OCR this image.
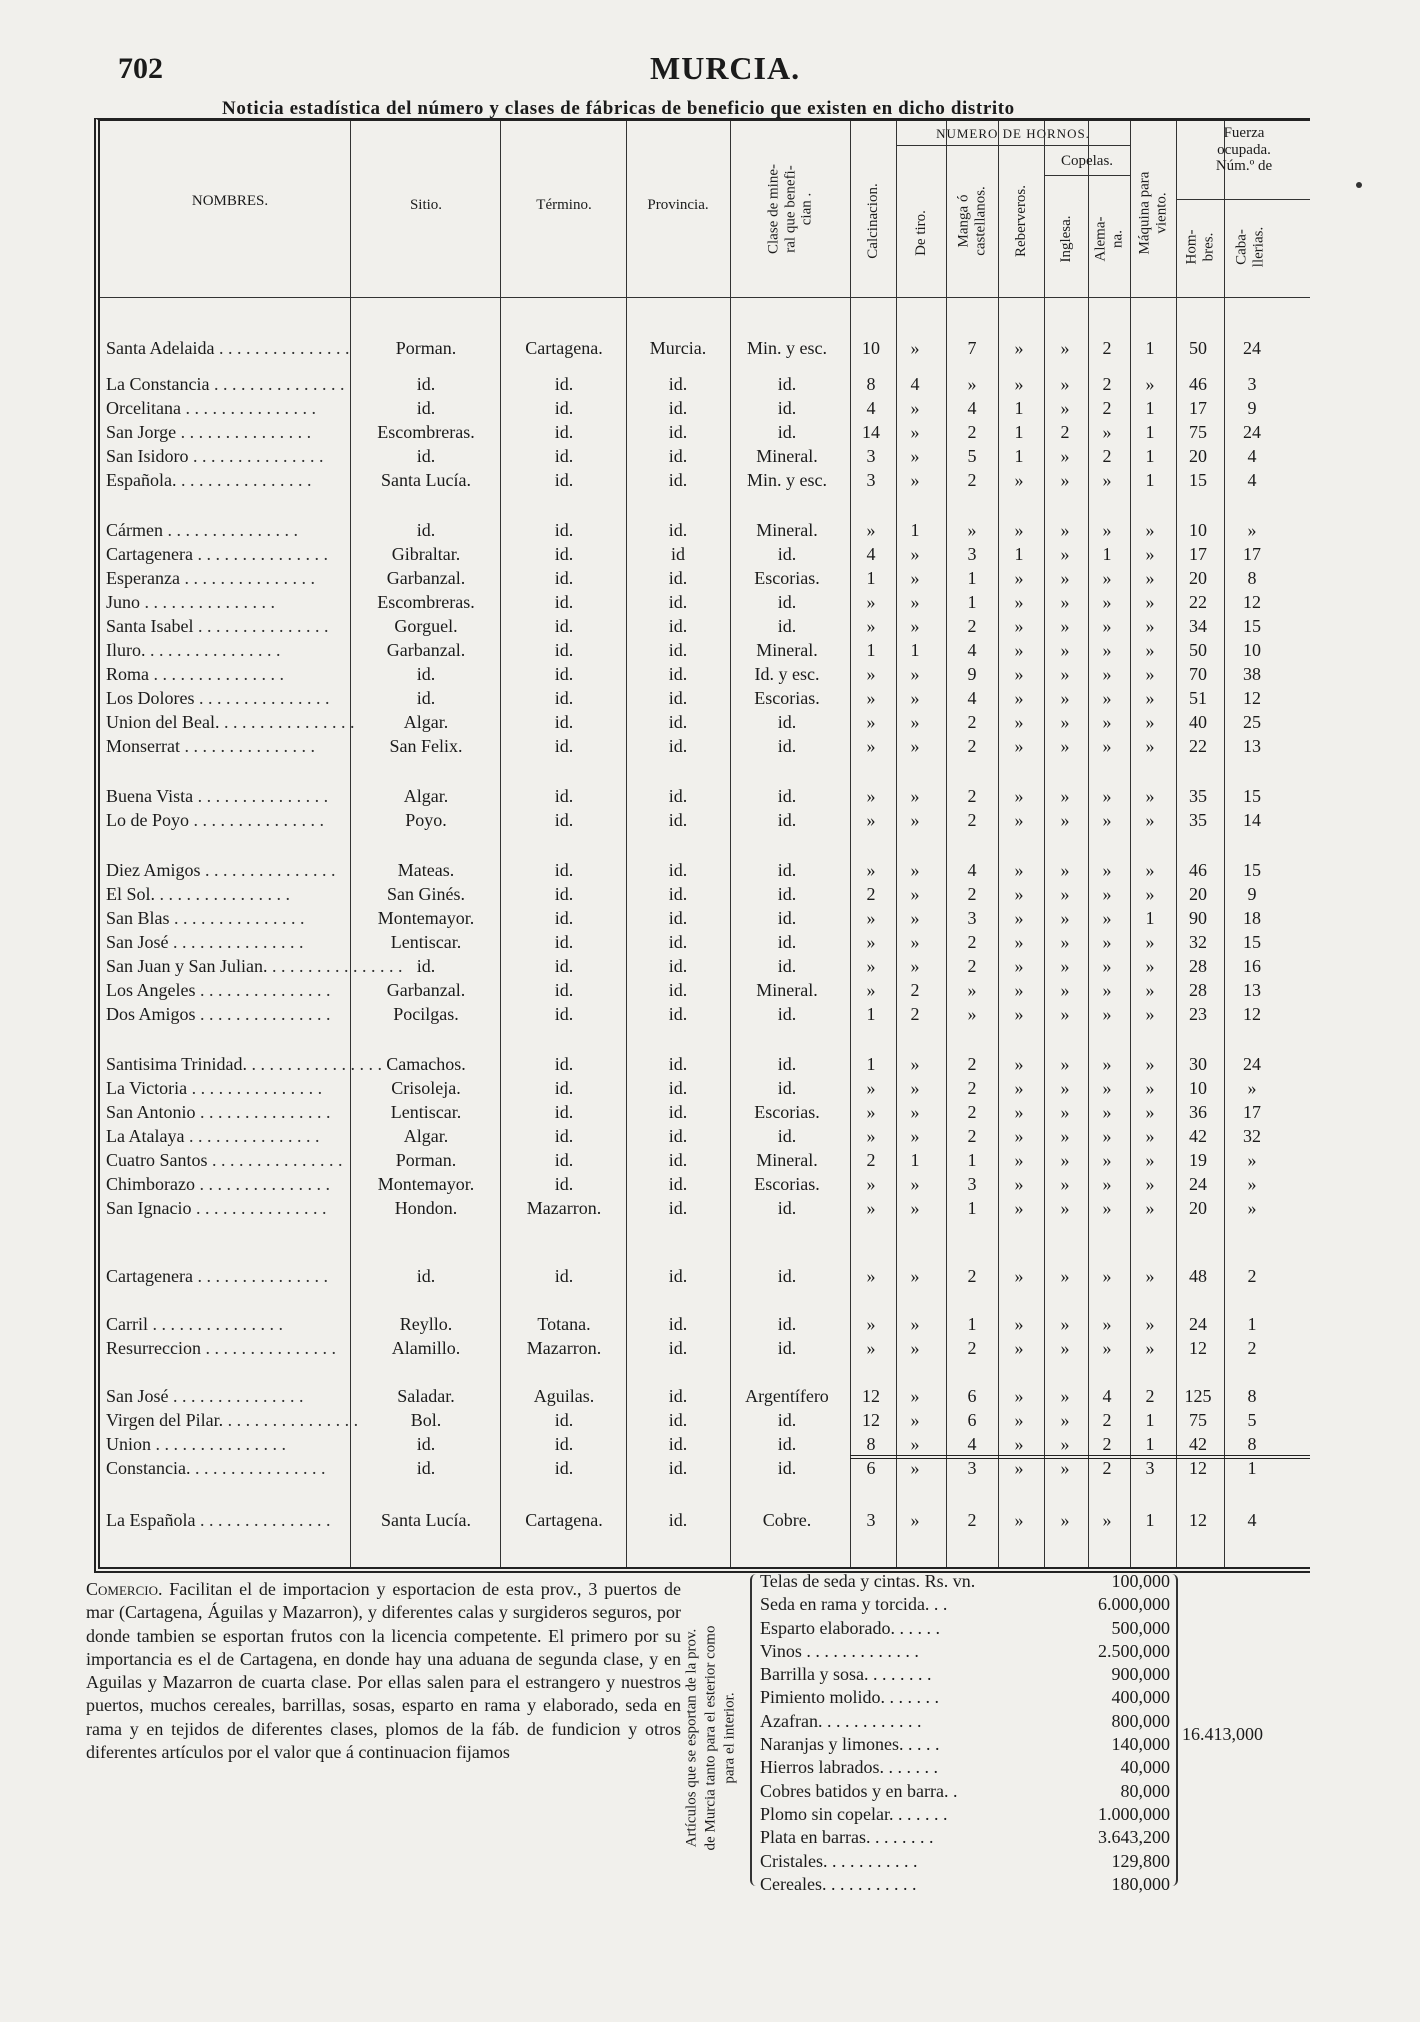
702	MURCIA.
Noticia estadística del número y clases de fábricas de beneficio que existen en dicho distrito
NOMBRES.	Sitio.	Término.	Provincia.
Clase de mine-
ral que benefi-
cian .	Calcinacion.
NUMERO DE HORNOS.
De tiro. Manga ó
castellanos. Reberveros.
Copelas.
Inglesa. Alema-
na. Máquina para
viento.
Fuerza
ocupada.
Núm.º de
Hom-
bres. Caba-
llerias.
Santa Adelaida . . . . . . . . . . . . . . .	Porman.	Cartagena.	Murcia.	Min. y esc.	10	»	7	»	»	2	1	50	24
La Constancia . . . . . . . . . . . . . . .	id.	id.	id.	id.	8	4	»	»	»	2	»	46	3
Orcelitana . . . . . . . . . . . . . . .	id.	id.	id.	id.	4	»	4	1	»	2	1	17	9
San Jorge . . . . . . . . . . . . . . .	Escombreras.	id.	id.	id.	14	»	2	1	2	»	1	75	24
San Isidoro . . . . . . . . . . . . . . .	id.	id.	id.	Mineral.	3	»	5	1	»	2	1	20	4
Española. . . . . . . . . . . . . . . .	Santa Lucía.	id.	id.	Min. y esc.	3	»	2	»	»	»	1	15	4
Cármen . . . . . . . . . . . . . . .	id.	id.	id.	Mineral.	»	1	»	»	»	»	»	10	»
Cartagenera . . . . . . . . . . . . . . .	Gibraltar.	id.	id	id.	4	»	3	1	»	1	»	17	17
Esperanza . . . . . . . . . . . . . . .	Garbanzal.	id.	id.	Escorias.	1	»	1	»	»	»	»	20	8
Juno . . . . . . . . . . . . . . .	Escombreras.	id.	id.	id.	»	»	1	»	»	»	»	22	12
Santa Isabel . . . . . . . . . . . . . . .	Gorguel.	id.	id.	id.	»	»	2	»	»	»	»	34	15
Iluro. . . . . . . . . . . . . . . .	Garbanzal.	id.	id.	Mineral.	1	1	4	»	»	»	»	50	10
Roma . . . . . . . . . . . . . . .	id.	id.	id.	Id. y esc.	»	»	9	»	»	»	»	70	38
Los Dolores . . . . . . . . . . . . . . .	id.	id.	id.	Escorias.	»	»	4	»	»	»	»	51	12
Union del Beal. . . . . . . . . . . . . . . .	Algar.	id.	id.	id.	»	»	2	»	»	»	»	40	25
Monserrat . . . . . . . . . . . . . . .	San Felix.	id.	id.	id.	»	»	2	»	»	»	»	22	13
Buena Vista . . . . . . . . . . . . . . .	Algar.	id.	id.	id.	»	»	2	»	»	»	»	35	15
Lo de Poyo . . . . . . . . . . . . . . .	Poyo.	id.	id.	id.	»	»	2	»	»	»	»	35	14
Diez Amigos . . . . . . . . . . . . . . .	Mateas.	id.	id.	id.	»	»	4	»	»	»	»	46	15
El Sol. . . . . . . . . . . . . . . .	San Ginés.	id.	id.	id.	2	»	2	»	»	»	»	20	9
San Blas . . . . . . . . . . . . . . .	Montemayor.	id.	id.	id.	»	»	3	»	»	»	1	90	18
San José . . . . . . . . . . . . . . .	Lentiscar.	id.	id.	id.	»	»	2	»	»	»	»	32	15
San Juan y San Julian. . . . . . . . . . . . . . . . id.	id.	id.	id.	»	»	2	»	»	»	»	28	16
Los Angeles . . . . . . . . . . . . . . .	Garbanzal.	id.	id.	Mineral.	»	2	»	»	»	»	»	28	13
Dos Amigos . . . . . . . . . . . . . . .	Pocilgas.	id.	id.	id.	1	2	»	»	»	»	»	23	12
Santisima Trinidad. . . . . . . . . . . . . . . . Camachos.	id.	id.	id.	1	»	2	»	»	»	»	30	24
La Victoria . . . . . . . . . . . . . . .	Crisoleja.	id.	id.	id.	»	»	2	»	»	»	»	10	»
San Antonio . . . . . . . . . . . . . . .	Lentiscar.	id.	id.	Escorias.	»	»	2	»	»	»	»	36	17
La Atalaya . . . . . . . . . . . . . . .	Algar.	id.	id.	id.	»	»	2	»	»	»	»	42	32
Cuatro Santos . . . . . . . . . . . . . . .	Porman.	id.	id.	Mineral.	2	1	1	»	»	»	»	19	»
Chimborazo . . . . . . . . . . . . . . .	Montemayor.	id.	id.	Escorias.	»	»	3	»	»	»	»	24	»
San Ignacio . . . . . . . . . . . . . . .	Hondon.	Mazarron.	id.	id.	»	»	1	»	»	»	»	20	»
Cartagenera . . . . . . . . . . . . . . .	id.	id.	id.	id.	»	»	2	»	»	»	»	48	2
Carril . . . . . . . . . . . . . . .	Reyllo.	Totana.	id.	id.	»	»	1	»	»	»	»	24	1
Resurreccion . . . . . . . . . . . . . . .	Alamillo.	Mazarron.	id.	id.	»	»	2	»	»	»	»	12	2
San José . . . . . . . . . . . . . . .	Saladar.	Aguilas.	id.	Argentífero	12	»	6	»	»	4	2	125	8
Virgen del Pilar. . . . . . . . . . . . . . . .	Bol.	id.	id.	id.	12	»	6	»	»	2	1	75	5
Union . . . . . . . . . . . . . . .	id.	id.	id.	id.	8	»	4	»	»	2	1	42	8
Constancia. . . . . . . . . . . . . . . .	id.	id.	id.	id.	6	»	3	»	»	2	3	12	1
La Española . . . . . . . . . . . . . . .	Santa Lucía.	Cartagena.	id.	Cobre.	3	»	2	»	»	»	1	12	4
Comercio. Facilitan el de importacion y esportacion de esta prov., 3 puertos de mar (Cartagena, Águilas y Mazarron), y diferentes calas y surgideros seguros, por donde tambien se esportan frutos con la licencia competente. El primero por su importancia es el de Cartagena, en donde hay una aduana de segunda clase, y en Aguilas y Mazarron de cuarta clase. Por ellas salen para el estrangero y nuestros puertos, muchos cereales, barrillas, sosas, esparto en rama y elaborado, seda en rama y en tejidos de diferentes clases, plomos de la fáb. de fundicion y otros diferentes artículos por el valor que á continuacion fijamos
Artículos que se esportan de la prov.
de Murcia tanto para el esterior como
para el interior.
Telas de seda y cintas. Rs. vn.	100,000
Seda en rama y torcida. . .	6.000,000
Esparto elaborado. . . . . .	500,000
Vinos . . . . . . . . . . . . .	2.500,000
Barrilla y sosa. . . . . . . .	900,000
Pimiento molido. . . . . . .	400,000
Azafran. . . . . . . . . . . .	800,000
Naranjas y limones. . . . .	140,000
Hierros labrados. . . . . . .	40,000
Cobres batidos y en barra. .	80,000
Plomo sin copelar. . . . . . .	1.000,000
Plata en barras. . . . . . . .	3.643,200
Cristales. . . . . . . . . . .	129,800
Cereales. . . . . . . . . . .	180,000
16.413,000
